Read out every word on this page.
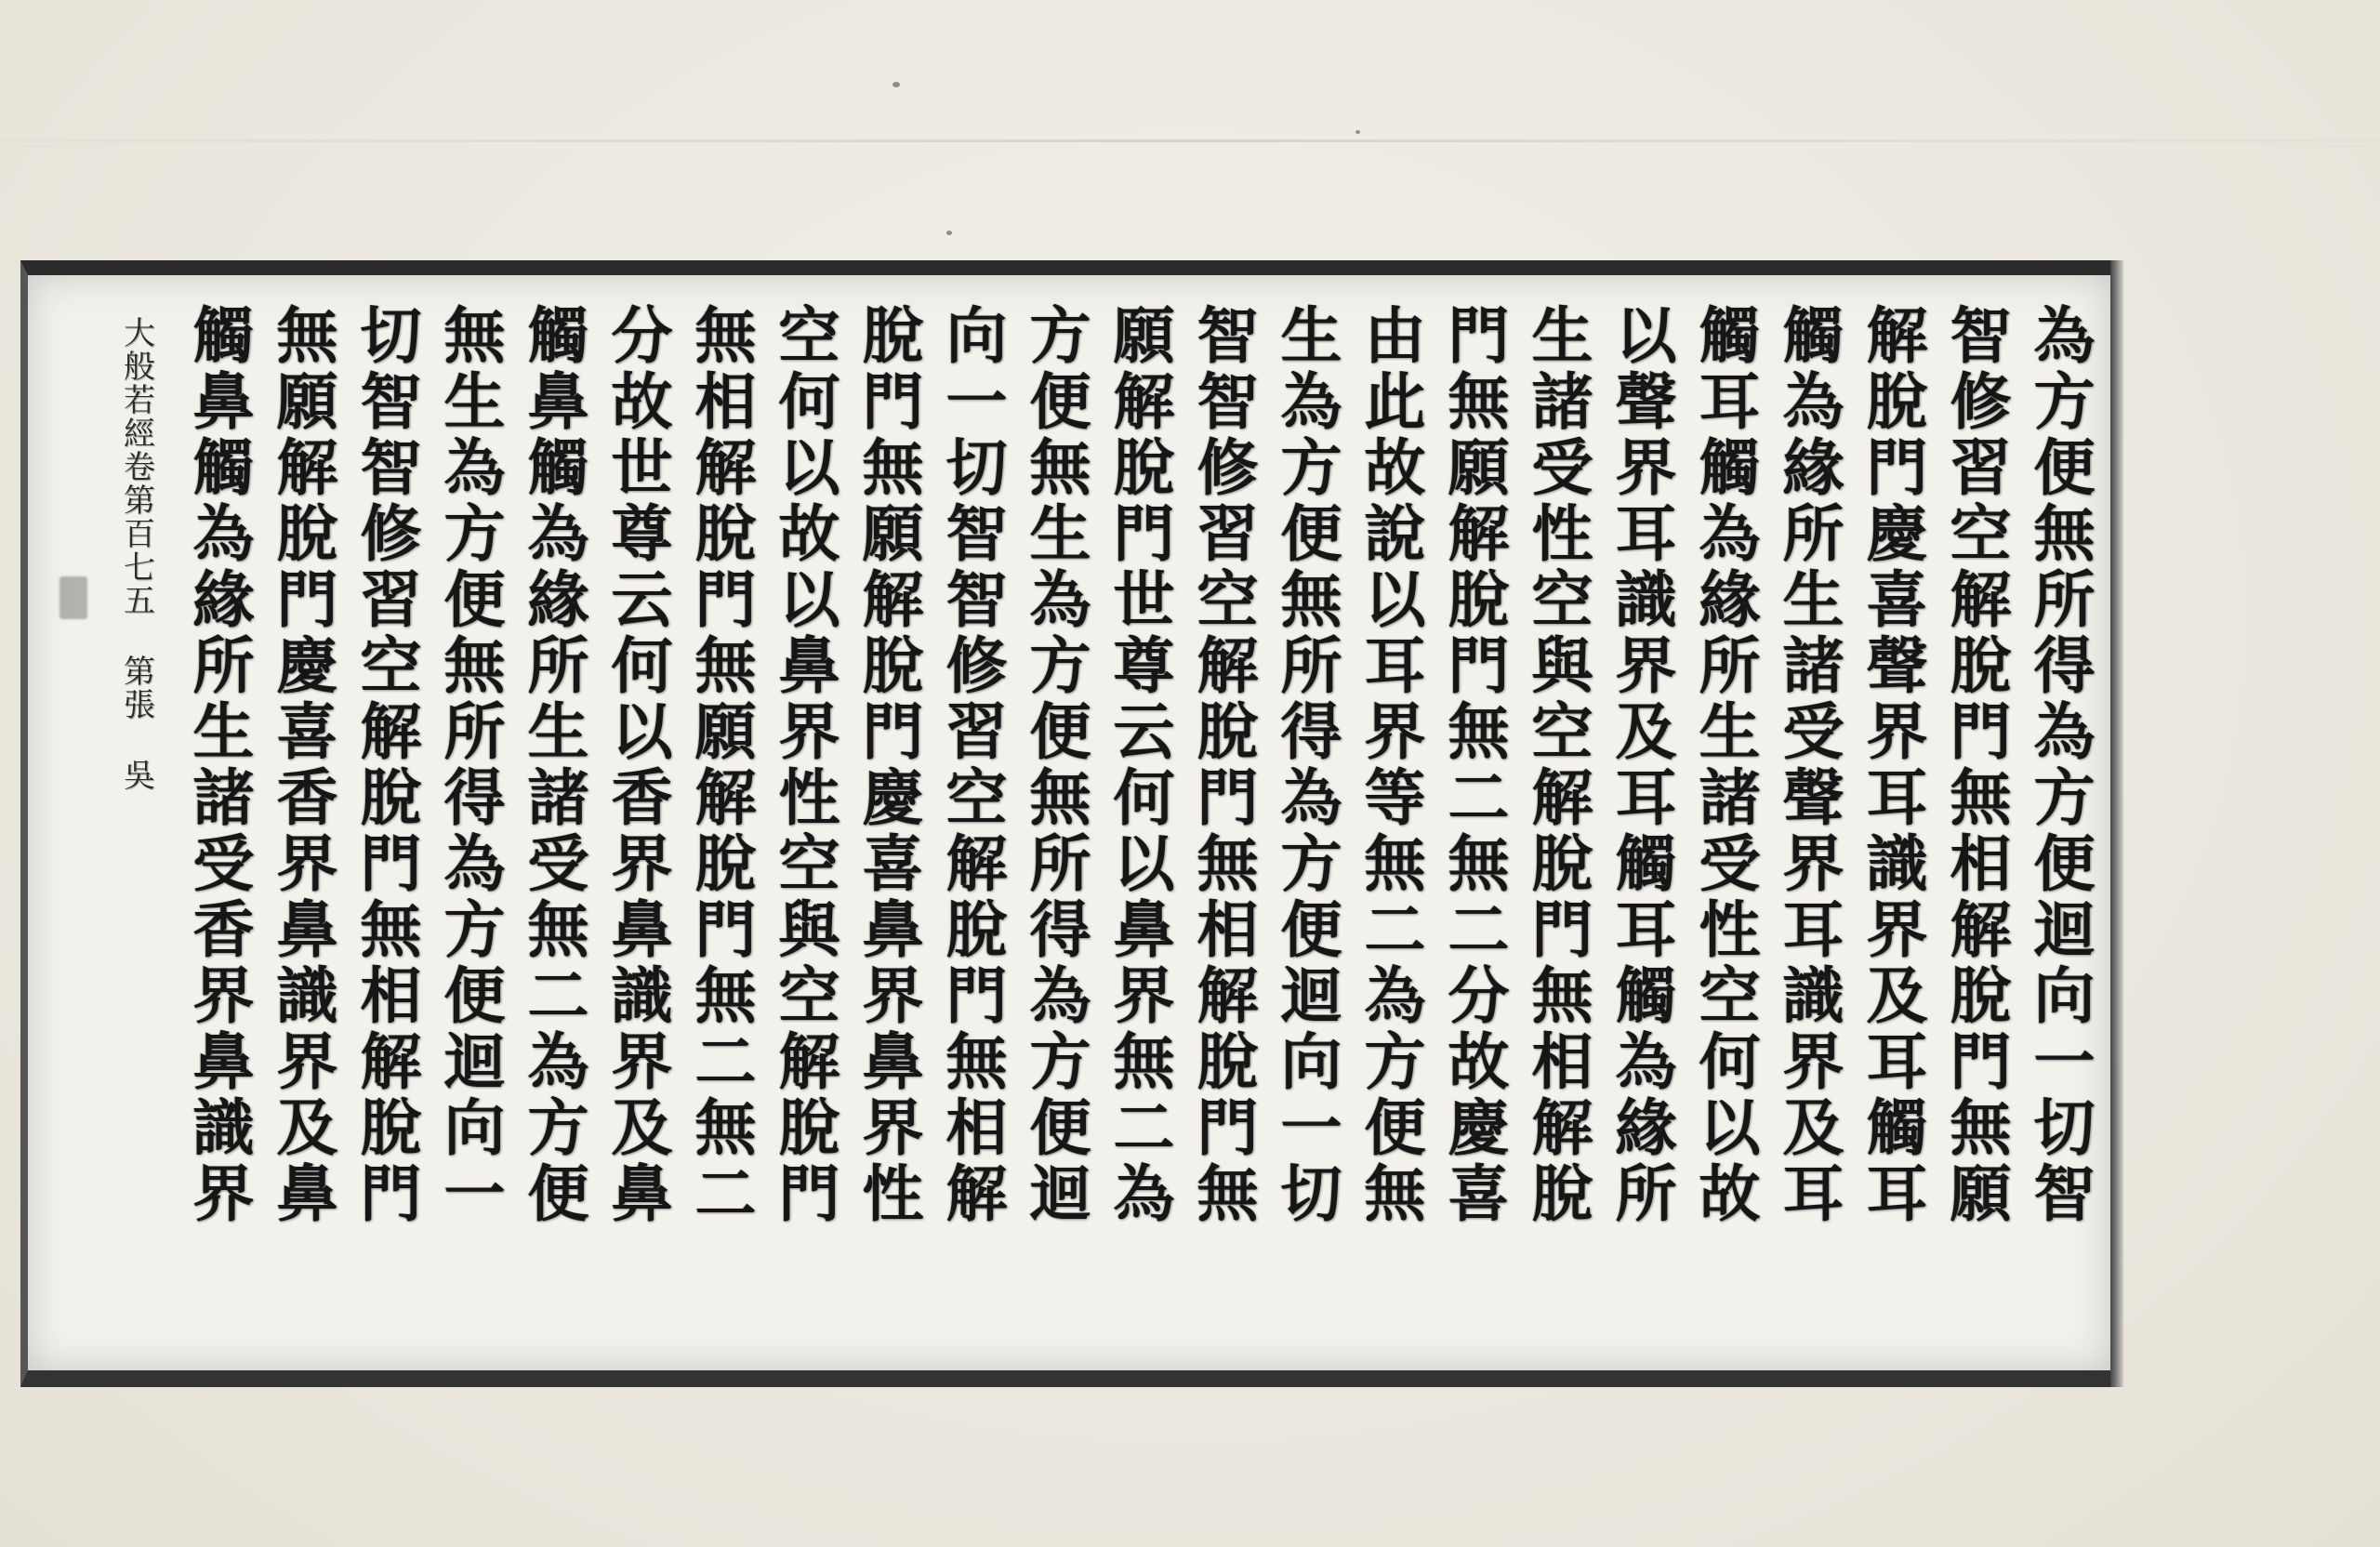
為方便無所得為方便迴向一切智
智修習空解脫門無相解脫門無願
解脫門慶喜聲界耳識界及耳觸耳
觸為緣所生諸受聲界耳識界及耳
觸耳觸為緣所生諸受性空何以故
以聲界耳識界及耳觸耳觸為緣所
生諸受性空與空解脫門無相解脫
門無願解脫門無二無二分故慶喜
由此故說以耳界等無二為方便無
生為方便無所得為方便迴向一切
智智修習空解脫門無相解脫門無
願解脫門世尊云何以鼻界無二為
方便無生為方便無所得為方便迴
向一切智智修習空解脫門無相解
脫門無願解脫門慶喜鼻界鼻界性
空何以故以鼻界性空與空解脫門
無相解脫門無願解脫門無二無二
分故世尊云何以香界鼻識界及鼻
觸鼻觸為緣所生諸受無二為方便
無生為方便無所得為方便迴向一
切智智修習空解脫門無相解脫門
無願解脫門慶喜香界鼻識界及鼻
觸鼻觸為緣所生諸受香界鼻識界
大般若經卷第百七五
第張
吳
